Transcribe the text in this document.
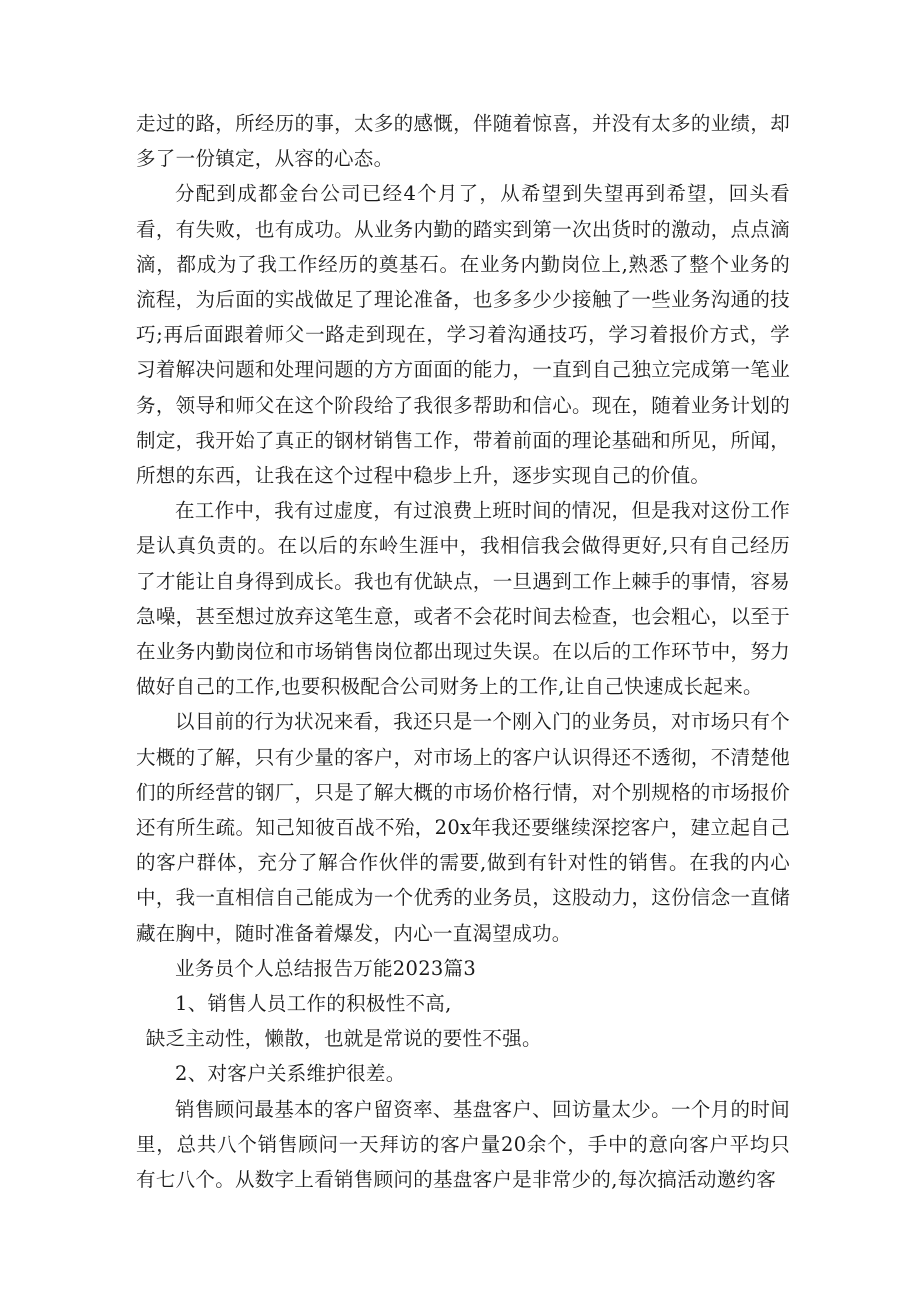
走过的路，所经历的事，太多的感慨，伴随着惊喜，并没有太多的业绩，却多了一份镇定，从容的心态。

分配到成都金台公司已经4个月了，从希望到失望再到希望，回头看看，有失败，也有成功。从业务内勤的踏实到第一次出货时的激动，点点滴滴，都成为了我工作经历的奠基石。在业务内勤岗位上,熟悉了整个业务的流程，为后面的实战做足了理论准备，也多多少少接触了一些业务沟通的技巧;再后面跟着师父一路走到现在，学习着沟通技巧，学习着报价方式，学习着解决问题和处理问题的方方面面的能力，一直到自己独立完成第一笔业务，领导和师父在这个阶段给了我很多帮助和信心。现在，随着业务计划的制定，我开始了真正的钢材销售工作，带着前面的理论基础和所见，所闻，所想的东西，让我在这个过程中稳步上升，逐步实现自己的价值。

在工作中，我有过虚度，有过浪费上班时间的情况，但是我对这份工作是认真负责的。在以后的东岭生涯中，我相信我会做得更好,只有自己经历了才能让自身得到成长。我也有优缺点，一旦遇到工作上棘手的事情，容易急噪，甚至想过放弃这笔生意，或者不会花时间去检查，也会粗心，以至于在业务内勤岗位和市场销售岗位都出现过失误。在以后的工作环节中，努力做好自己的工作,也要积极配合公司财务上的工作,让自己快速成长起来。

以目前的行为状况来看，我还只是一个刚入门的业务员，对市场只有个大概的了解，只有少量的客户，对市场上的客户认识得还不透彻，不清楚他们的所经营的钢厂，只是了解大概的市场价格行情，对个别规格的市场报价还有所生疏。知己知彼百战不殆，20x年我还要继续深挖客户，建立起自己的客户群体，充分了解合作伙伴的需要,做到有针对性的销售。在我的内心中，我一直相信自己能成为一个优秀的业务员，这股动力，这份信念一直储藏在胸中，随时准备着爆发，内心一直渴望成功。

业务员个人总结报告万能2023篇3

1、销售人员工作的积极性不高,

缺乏主动性，懒散，也就是常说的要性不强。

2、对客户关系维护很差。

销售顾问最基本的客户留资率、基盘客户、回访量太少。一个月的时间里，总共八个销售顾问一天拜访的客户量20余个，手中的意向客户平均只有七八个。从数字上看销售顾问的基盘客户是非常少的,每次搞活动邀约客
